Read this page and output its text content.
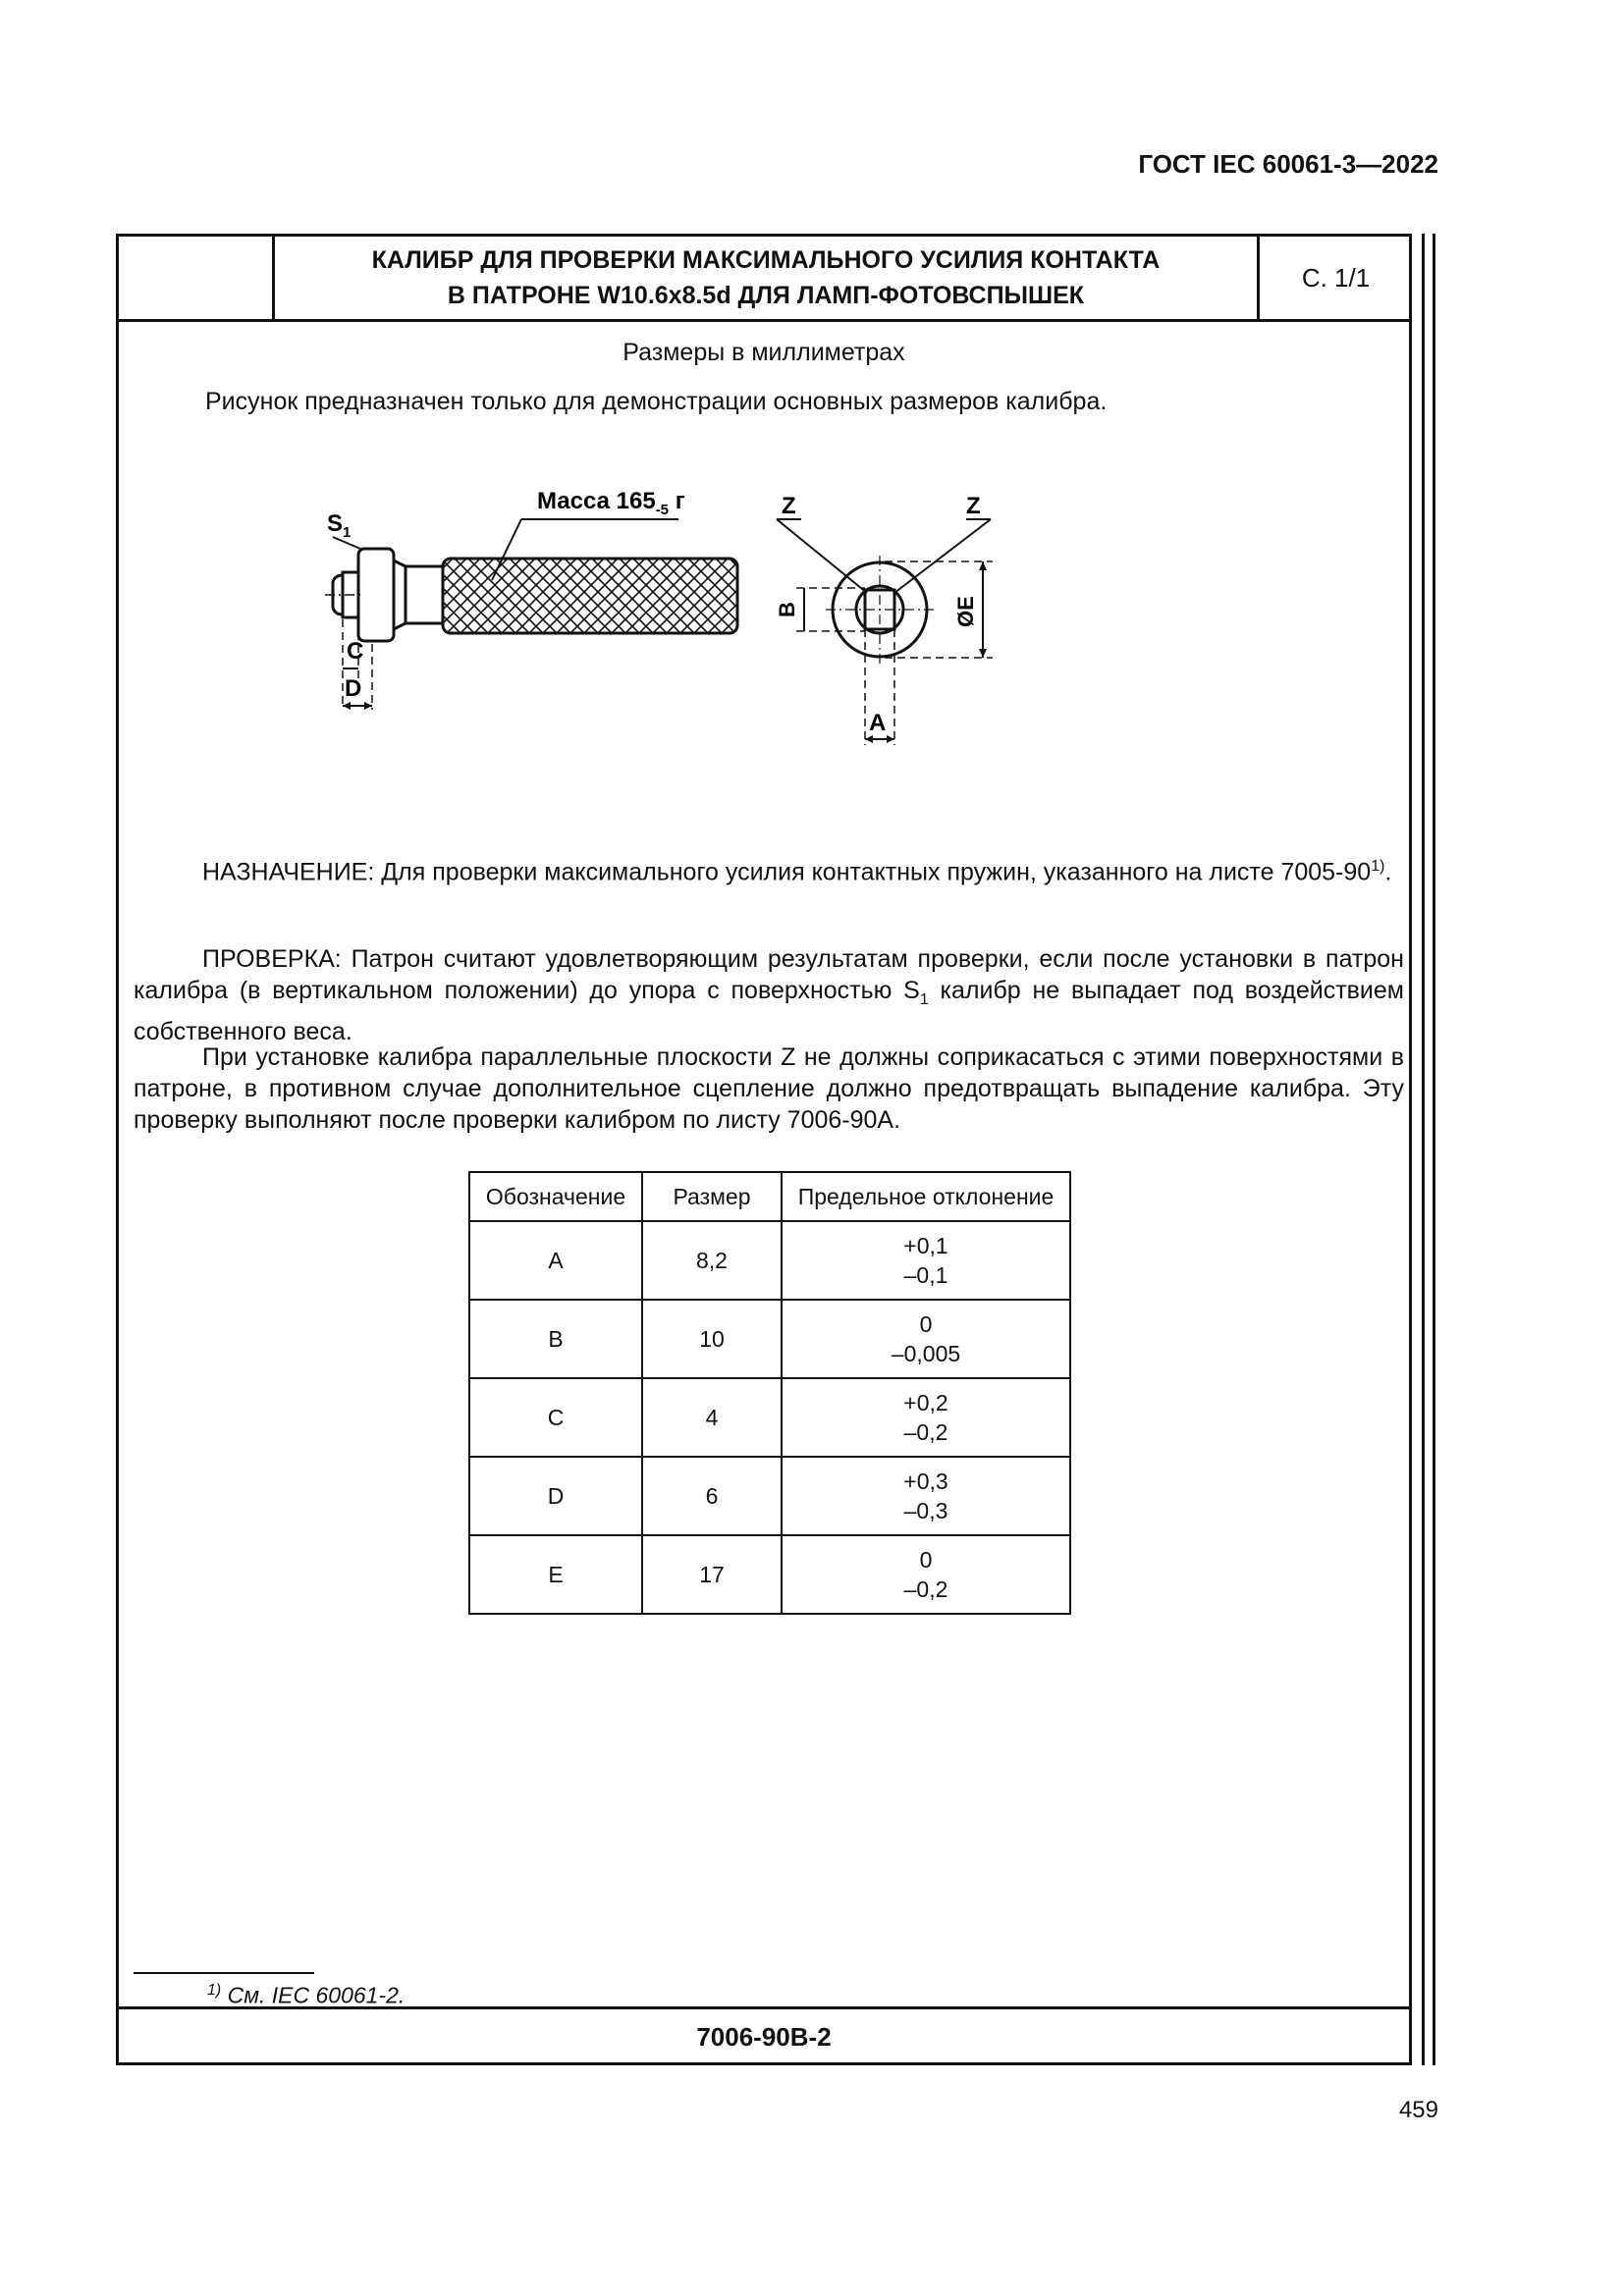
ГОСТ IEC 60061-3—2022
КАЛИБР ДЛЯ ПРОВЕРКИ МАКСИМАЛЬНОГО УСИЛИЯ КОНТАКТА
В ПАТРОНЕ W10.6x8.5d ДЛЯ ЛАМП-ФОТОВСПЫШЕК
С. 1/1
Размеры в миллиметрах
Рисунок предназначен только для демонстрации основных размеров калибра.
C
D
$S_1$
Масса $165_{-5}$ г	Z	Z
B	ØE
A
НАЗНАЧЕНИЕ: Для проверки максимального усилия контактных пружин, указанного на листе 7005-90$^{1)}$.
ПРОВЕРКА: Патрон считают удовлетворяющим результатам проверки, если после установки в патрон калибра (в вертикальном положении) до упора с поверхностью $S_1$ калибр не выпадает под воздействием собственного веса.
При установке калибра параллельные плоскости Z не должны соприкасаться с этими поверхностями в патроне, в противном случае дополнительное сцепление должно предотвращать выпадение калибра. Эту проверку выполняют после проверки калибром по листу 7006-90A.
Обозначение	Размер	Предельное отклонение
A	8,2	+0,1
–0,1

B	10	0
–0,005

C	4	+0,2
–0,2

D	6	+0,3
–0,3

E	17	0
–0,2
$^{1)}$ См. IEC 60061-2.
7006-90B-2
459
